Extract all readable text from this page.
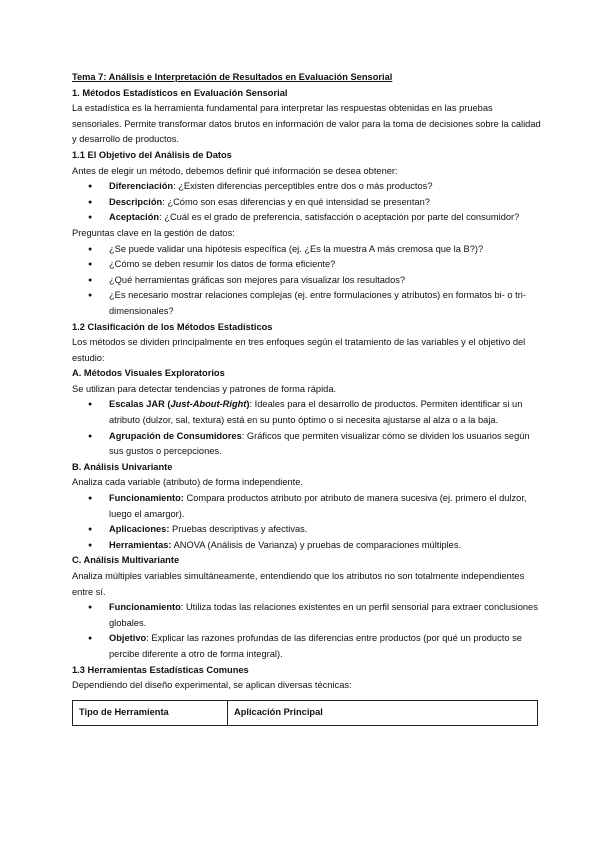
Tema 7: Análisis e Interpretación de Resultados en Evaluación Sensorial

1. Métodos Estadísticos en Evaluación Sensorial

La estadística es la herramienta fundamental para interpretar las respuestas obtenidas en las pruebas sensoriales. Permite transformar datos brutos en información de valor para la toma de decisiones sobre la calidad y desarrollo de productos.

1.1 El Objetivo del Análisis de Datos

Antes de elegir un método, debemos definir qué información se desea obtener:

● Diferenciación: ¿Existen diferencias perceptibles entre dos o más productos?
● Descripción: ¿Cómo son esas diferencias y en qué intensidad se presentan?
● Aceptación: ¿Cuál es el grado de preferencia, satisfacción o aceptación por parte del consumidor?

Preguntas clave en la gestión de datos:

● ¿Se puede validar una hipótesis específica (ej. ¿Es la muestra A más cremosa que la B?)?
● ¿Cómo se deben resumir los datos de forma eficiente?
● ¿Qué herramientas gráficas son mejores para visualizar los resultados?
● ¿Es necesario mostrar relaciones complejas (ej. entre formulaciones y atributos) en formatos bi- o tri-dimensionales?

1.2 Clasificación de los Métodos Estadísticos

Los métodos se dividen principalmente en tres enfoques según el tratamiento de las variables y el objetivo del estudio:

A. Métodos Visuales Exploratorios

Se utilizan para detectar tendencias y patrones de forma rápida.

● Escalas JAR (Just-About-Right): Ideales para el desarrollo de productos. Permiten identificar si un atributo (dulzor, sal, textura) está en su punto óptimo o si necesita ajustarse al alza o a la baja.
● Agrupación de Consumidores: Gráficos que permiten visualizar cómo se dividen los usuarios según sus gustos o percepciones.

B. Análisis Univariante

Analiza cada variable (atributo) de forma independiente.

● Funcionamiento: Compara productos atributo por atributo de manera sucesiva (ej. primero el dulzor, luego el amargor).
● Aplicaciones: Pruebas descriptivas y afectivas.
● Herramientas: ANOVA (Análisis de Varianza) y pruebas de comparaciones múltiples.

C. Análisis Multivariante

Analiza múltiples variables simultáneamente, entendiendo que los atributos no son totalmente independientes entre sí.

● Funcionamiento: Utiliza todas las relaciones existentes en un perfil sensorial para extraer conclusiones globales.
● Objetivo: Explicar las razones profundas de las diferencias entre productos (por qué un producto se percibe diferente a otro de forma integral).

1.3 Herramientas Estadísticas Comunes

Dependiendo del diseño experimental, se aplican diversas técnicas:

Tipo de Herramienta	Aplicación Principal
